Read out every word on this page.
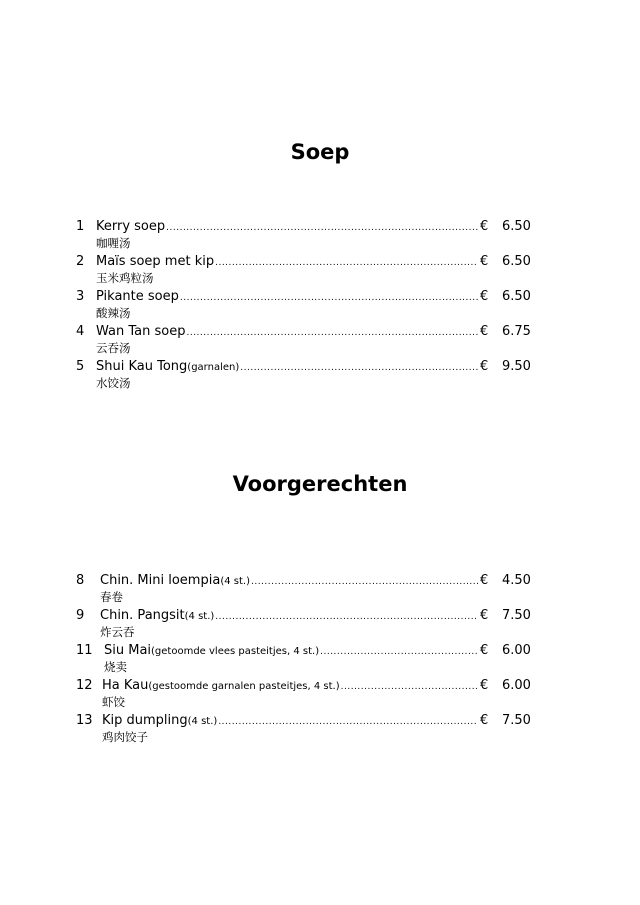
Soep
1 Kerry soep .....	€	6.50
咖喱汤
2 Maïs soep met kip .....	€	6.50
玉米鸡粒汤
3 Pikante soep .....	€	6.50
酸辣汤
4 Wan Tan soep .....	€	6.75
云吞汤
5 Shui Kau Tong (garnalen) .....	€	9.50
水饺汤
Voorgerechten
8	Chin. Mini loempia (4 st.) .....	€	4.50
春卷
9	Chin. Pangsit (4 st.) .....	€	7.50
炸云吞
11 Siu Mai (getoomde vlees pasteitjes, 4 st.) .....	€	6.00
烧卖
12 Ha Kau (gestoomde garnalen pasteitjes, 4 st.) .....	€	6.00
虾饺
13 Kip dumpling (4 st.) .....	€	7.50
鸡肉饺子
